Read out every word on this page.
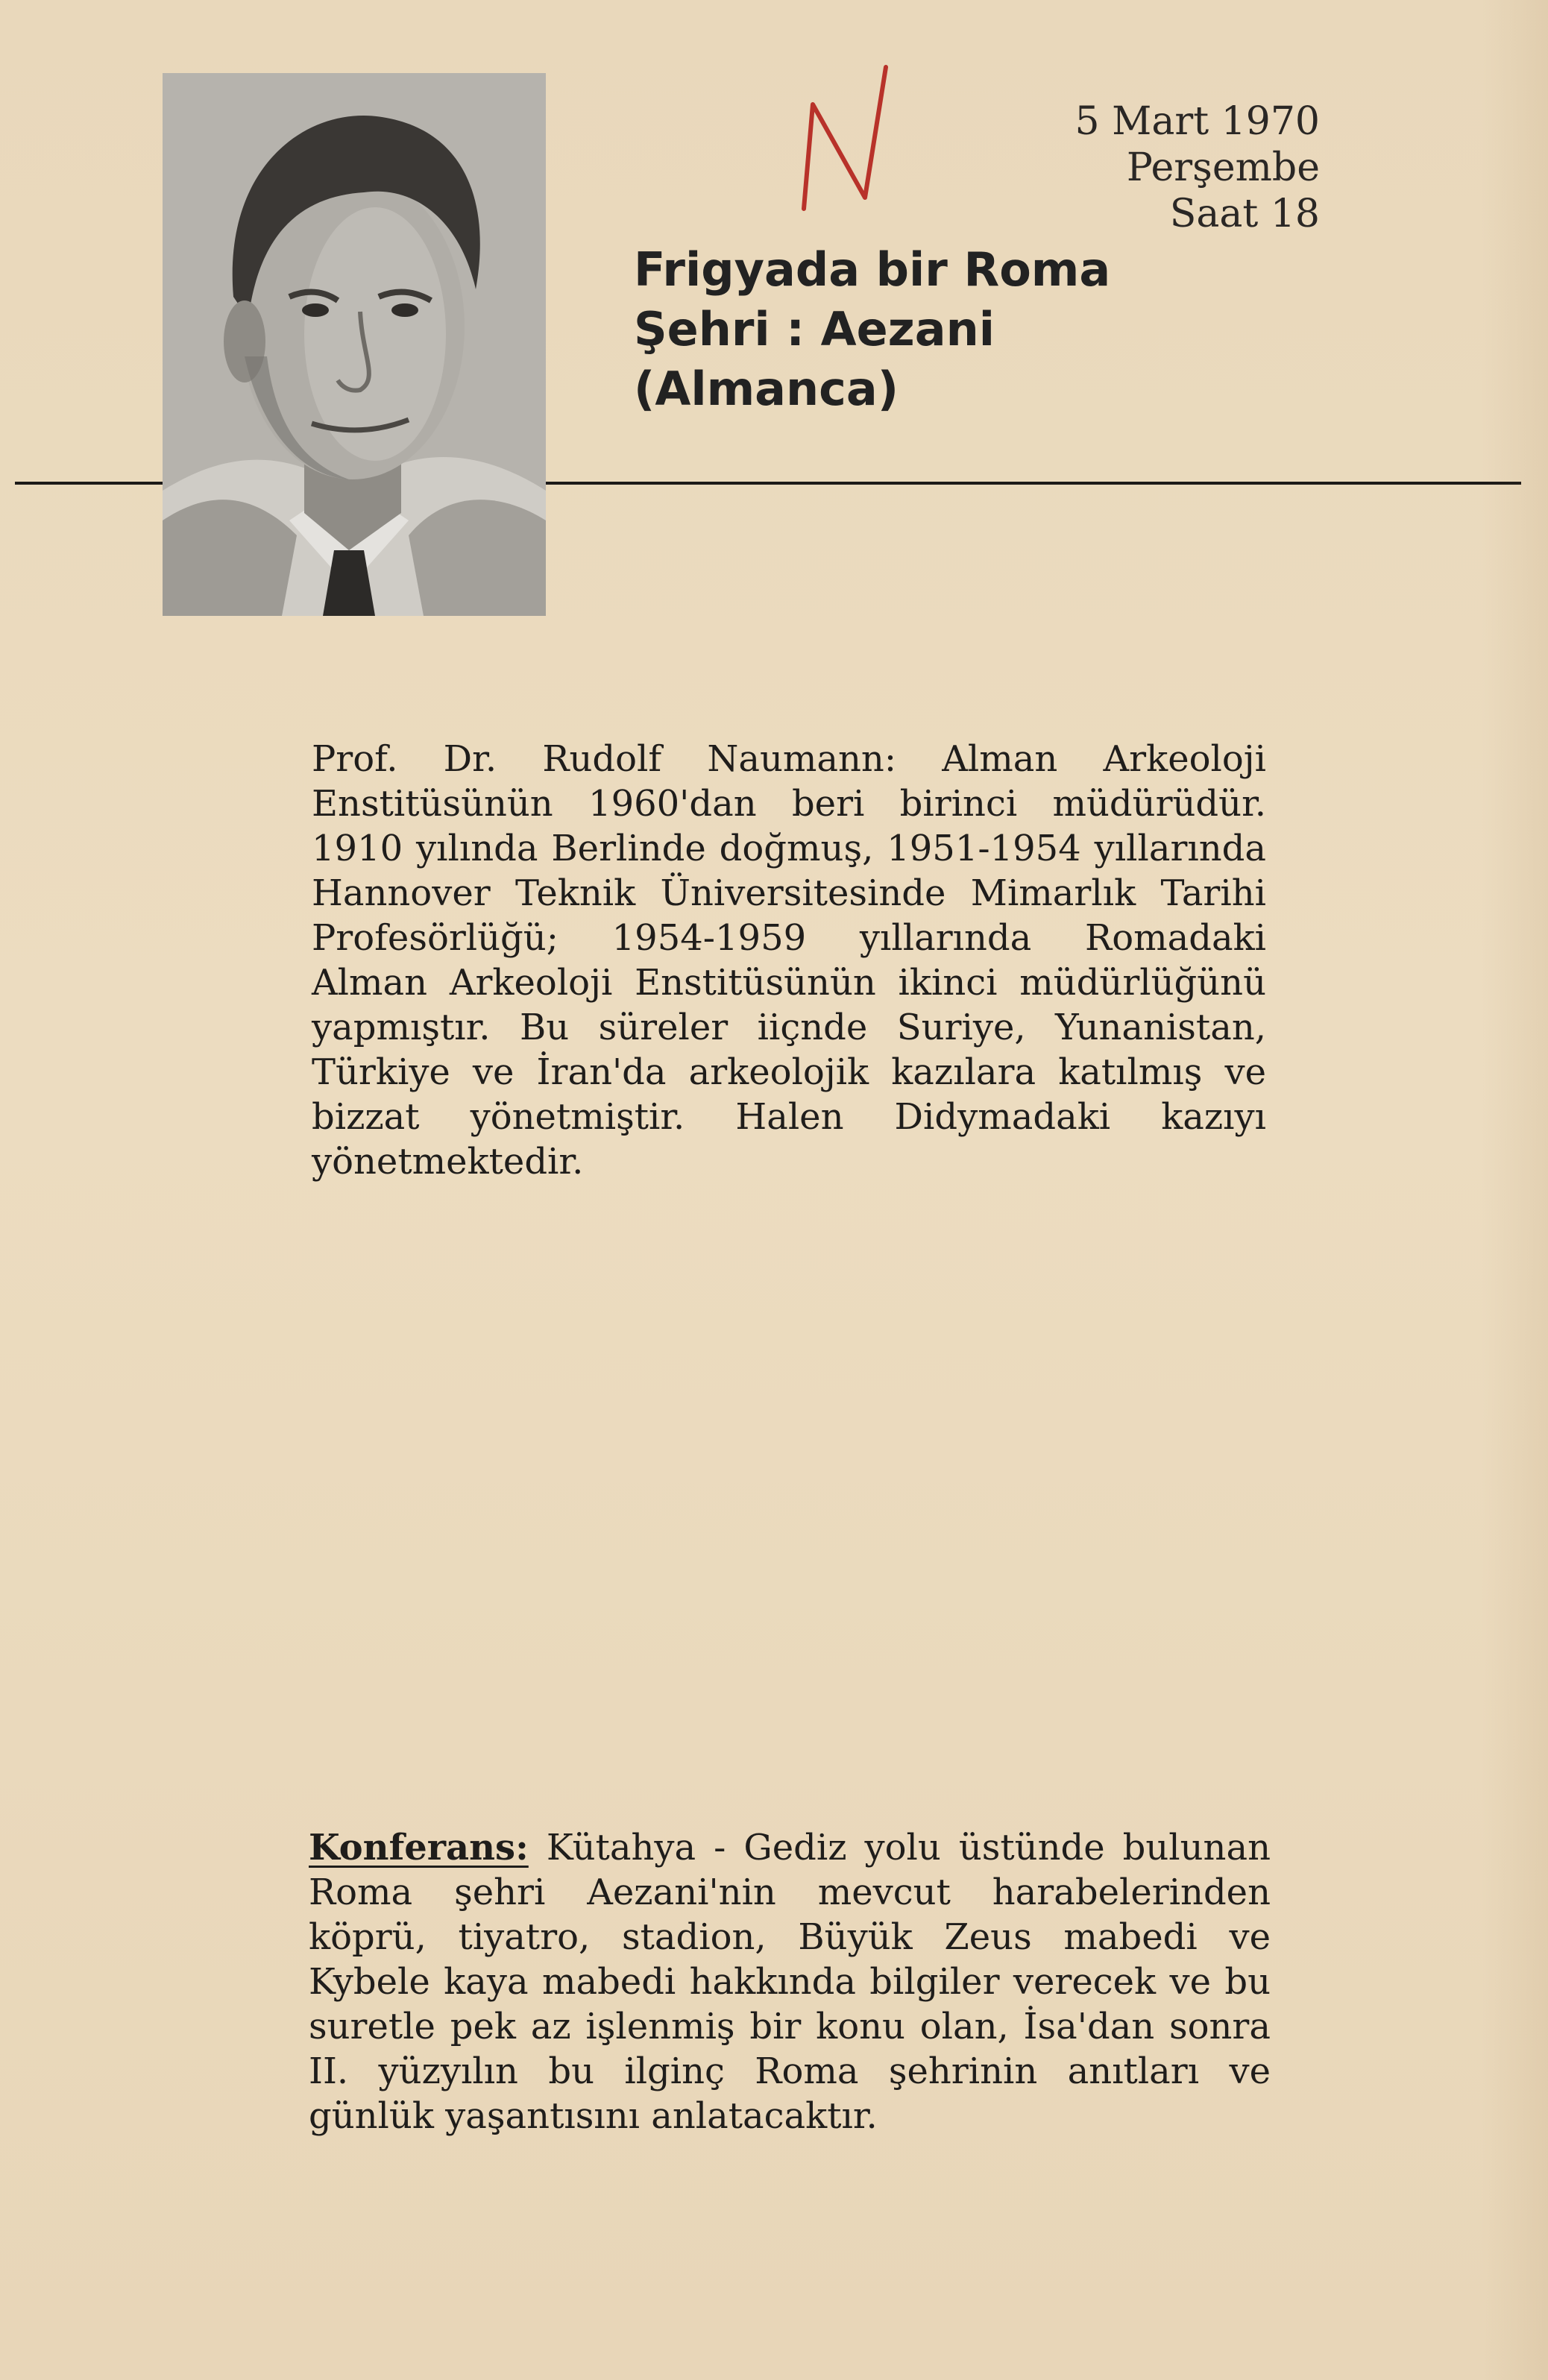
Frigyada bir Roma
Şehri : Aezani
(Almanca)
5 Mart 1970
Perşembe
Saat 18

Prof. Dr. Rudolf Naumann: Alman Arkeoloji Enstitüsünün 1960'dan beri birinci müdürüdür. 1910 yılında Berlinde doğmuş, 1951-1954 yıllarında Hannover Teknik Üniversitesinde Mimarlık Tarihi Profesörlüğü; 1954-1959 yıllarında Romadaki Alman Arkeoloji Enstitüsünün ikinci müdürlüğünü yapmıştır. Bu süreler iiçnde Suriye, Yunanistan, Türkiye ve İran'da arkeolojik kazılara katılmış ve bizzat yönetmiştir. Halen Didymadaki kazıyı yönetmektedir.

Konferans: Kütahya - Gediz yolu üstünde bulunan Roma şehri Aezani'nin mevcut harabelerinden köprü, tiyatro, stadion, Büyük Zeus mabedi ve Kybele kaya mabedi hakkında bilgiler verecek ve bu suretle pek az işlenmiş bir konu olan, İsa'dan sonra II. yüzyılın bu ilginç Roma şehrinin anıtları ve günlük yaşantısını anlatacaktır.
